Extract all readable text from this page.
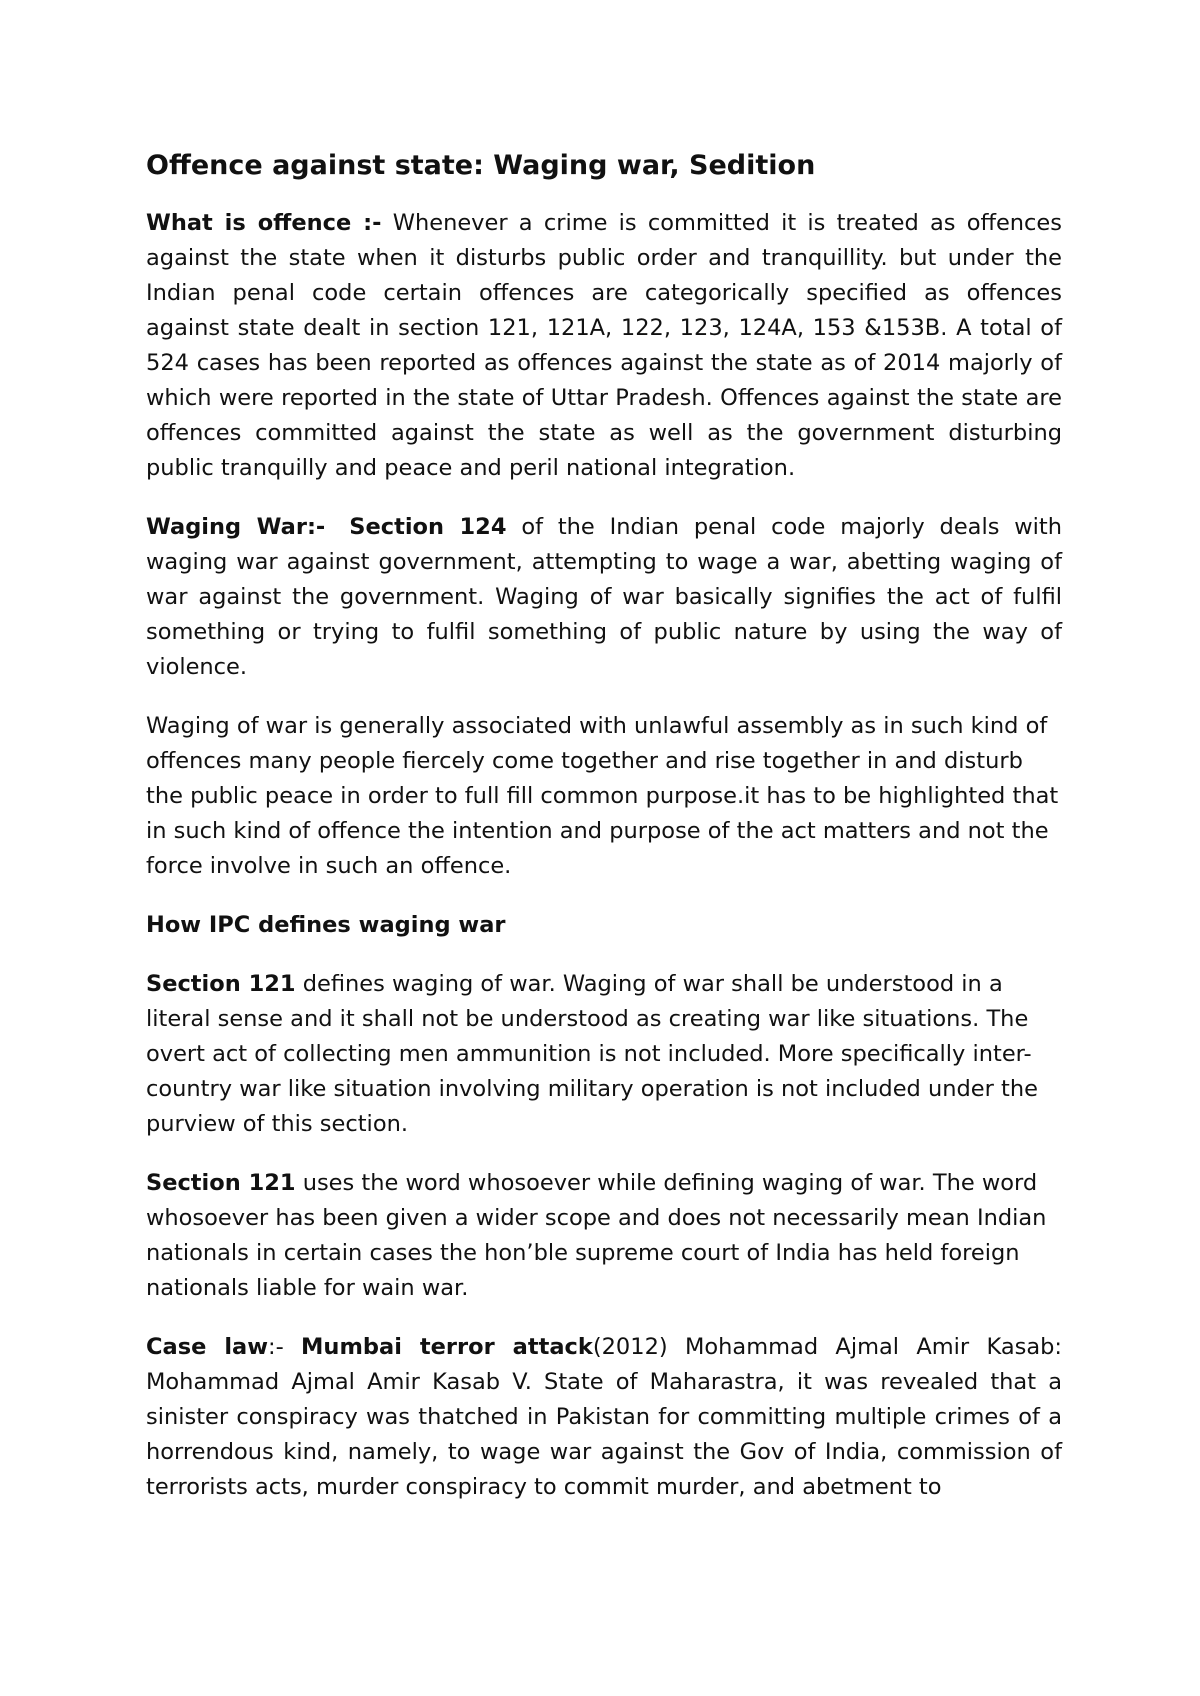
Offence against state: Waging war, Sedition

What is offence :- Whenever a crime is committed it is treated as offences against the state when it disturbs public order and tranquillity. but under the Indian penal code certain offences are categorically specified as offences against state dealt in section 121, 121A, 122, 123, 124A, 153 &153B. A total of 524 cases has been reported as offences against the state as of 2014 majorly of which were reported in the state of Uttar Pradesh. Offences against the state are offences committed against the state as well as the government disturbing public tranquilly and peace and peril national integration.

Waging War:- Section 124 of the Indian penal code majorly deals with waging war against government, attempting to wage a war, abetting waging of war against the government. Waging of war basically signifies the act of fulfil something or trying to fulfil something of public nature by using the way of violence.

Waging of war is generally associated with unlawful assembly as in such kind of offences many people fiercely come together and rise together in and disturb the public peace in order to full fill common purpose.it has to be highlighted that in such kind of offence the intention and purpose of the act matters and not the force involve in such an offence.

How IPC defines waging war

Section 121 defines waging of war. Waging of war shall be understood in a literal sense and it shall not be understood as creating war like situations. The overt act of collecting men ammunition is not included. More specifically inter-country war like situation involving military operation is not included under the purview of this section.

Section 121 uses the word whosoever while defining waging of war. The word whosoever has been given a wider scope and does not necessarily mean Indian nationals in certain cases the hon’ble supreme court of India has held foreign nationals liable for wain war.

Case law:- Mumbai terror attack(2012) Mohammad Ajmal Amir Kasab: Mohammad Ajmal Amir Kasab V. State of Maharastra, it was revealed that a sinister conspiracy was thatched in Pakistan for committing multiple crimes of a horrendous kind, namely, to wage war against the Gov of India, commission of terrorists acts, murder conspiracy to commit murder, and abetment to
